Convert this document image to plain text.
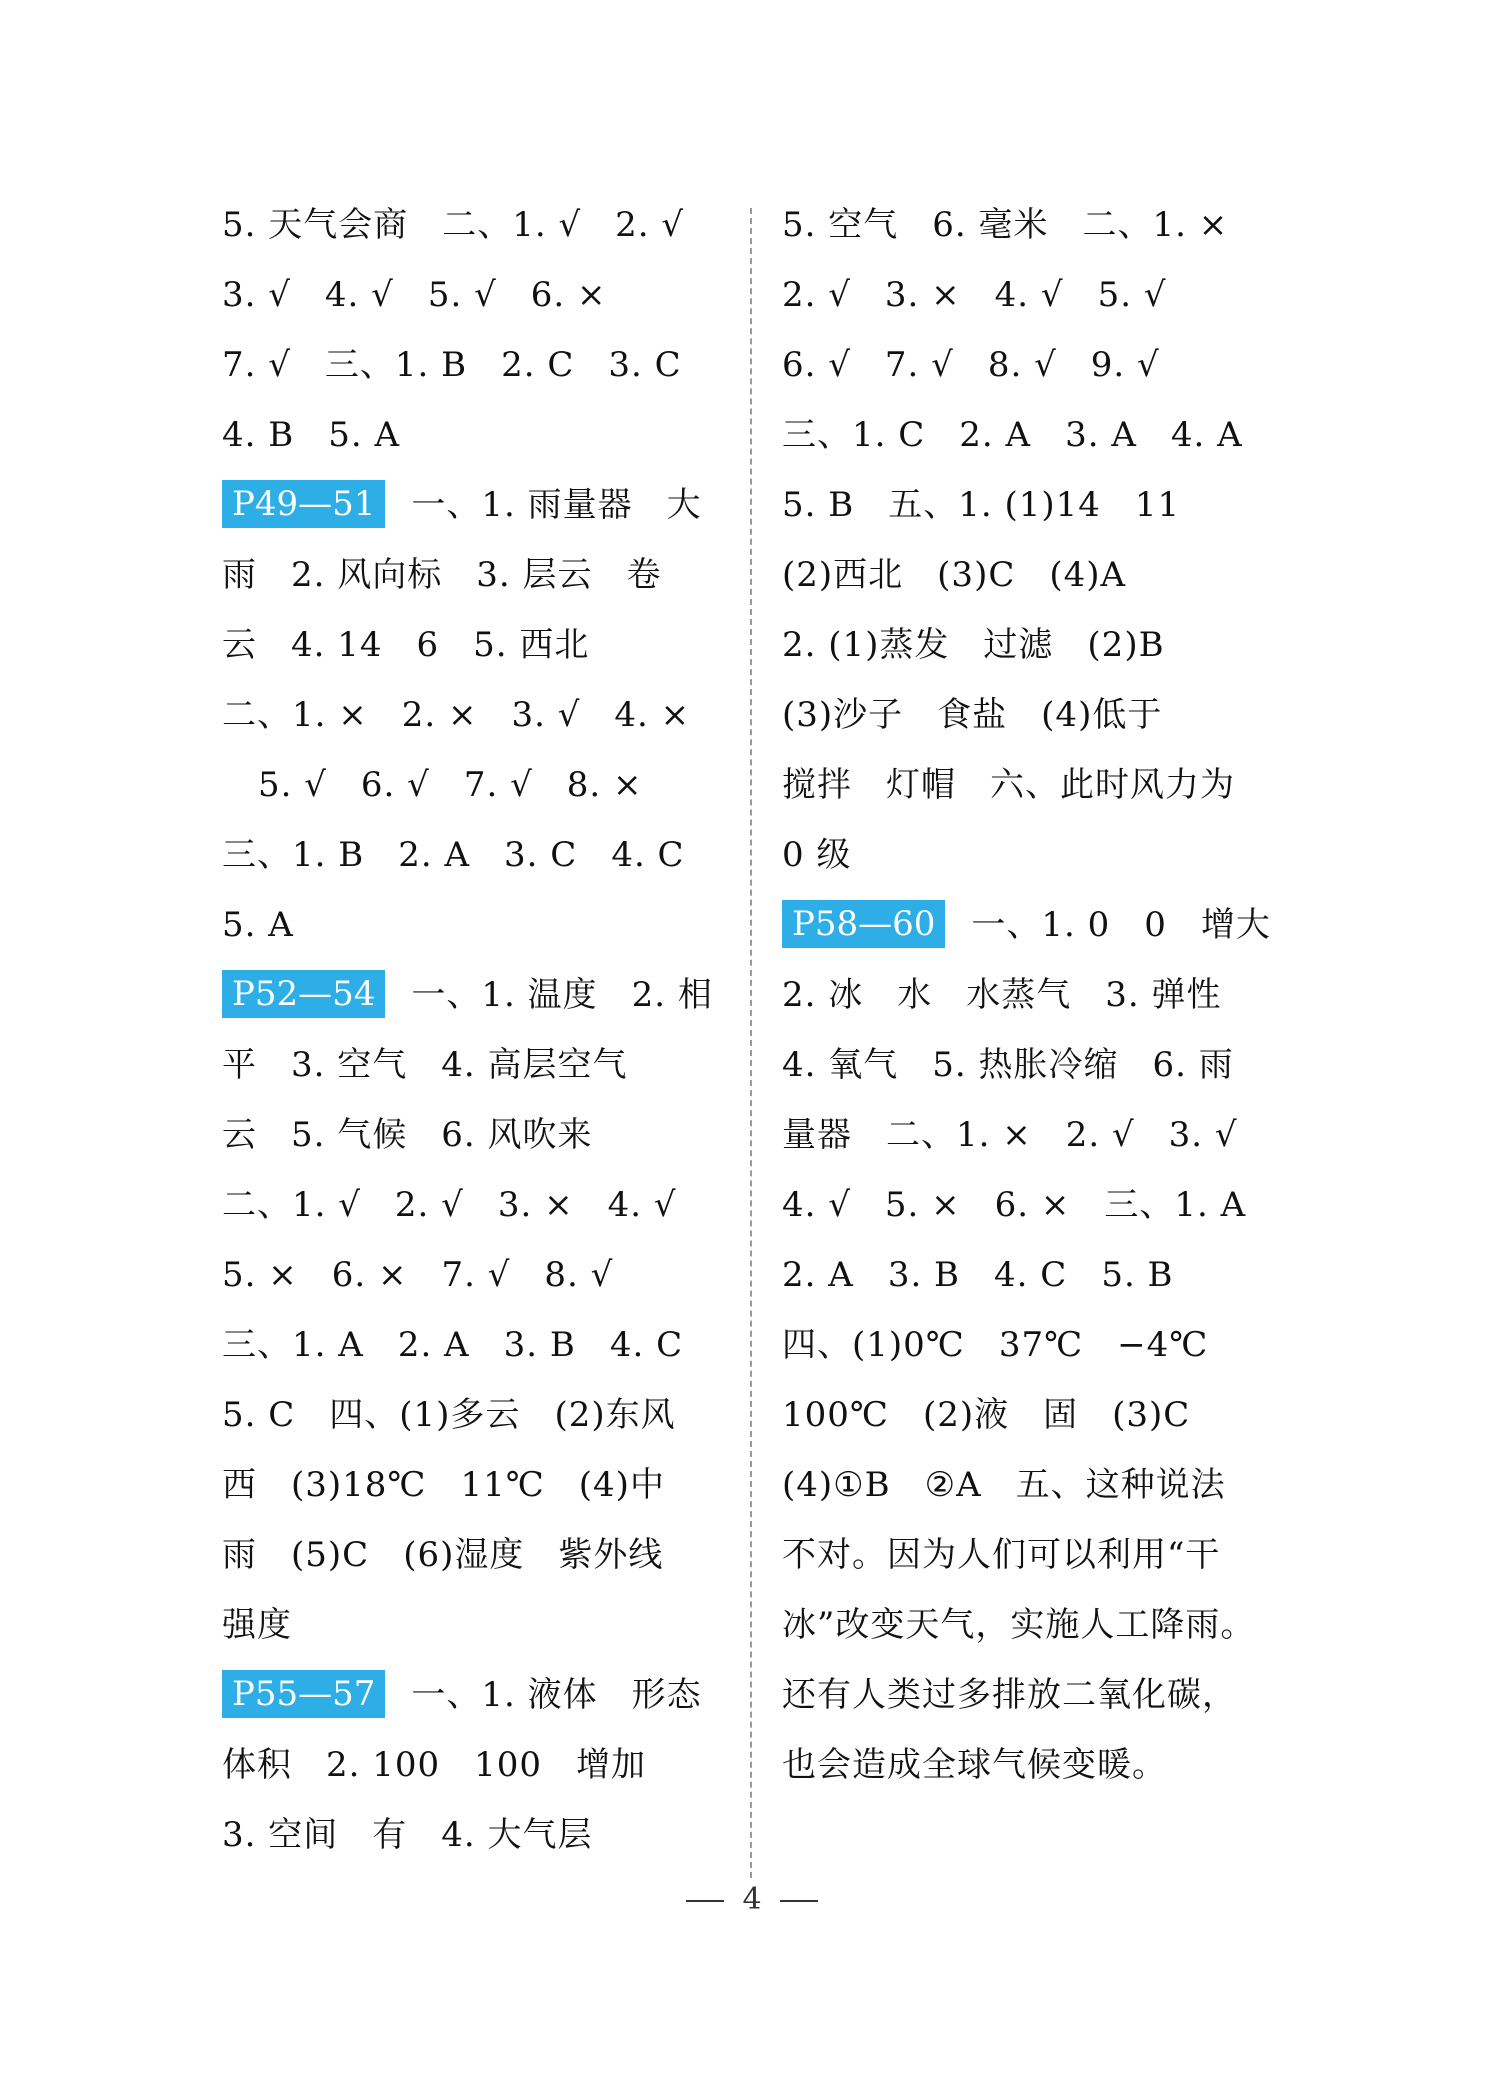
5. 天气会商 二、1. √ 2. √
3. √ 4. √ 5. √ 6. ×
7. √ 三、1. B 2. C 3. C
4. B 5. A
P49—51 一、1. 雨量器 大
雨 2. 风向标 3. 层云 卷
云 4. 14 6 5. 西北
二、1. × 2. × 3. √ 4. ×
5. √ 6. √ 7. √ 8. ×
三、1. B 2. A 3. C 4. C
5. A
P52—54 一、1. 温度 2. 相
平 3. 空气 4. 高层空气
云 5. 气候 6. 风吹来
二、1. √ 2. √ 3. × 4. √
5. × 6. × 7. √ 8. √
三、1. A 2. A 3. B 4. C
5. C 四、(1)多云 (2)东风
西 (3)18℃ 11℃ (4)中
雨 (5)C (6)湿度 紫外线
强度
P55—57 一、1. 液体 形态
体积 2. 100 100 增加
3. 空间 有 4. 大气层
5. 空气 6. 毫米 二、1. ×
2. √ 3. × 4. √ 5. √
6. √ 7. √ 8. √ 9. √
三、1. C 2. A 3. A 4. A
5. B 五、1. (1)14 11
(2)西北 (3)C (4)A
2. (1)蒸发 过滤 (2)B
(3)沙子 食盐 (4)低于
搅拌 灯帽 六、此时风力为
0 级
P58—60 一、1. 0 0 增大
2. 冰 水 水蒸气 3. 弹性
4. 氧气 5. 热胀冷缩 6. 雨
量器 二、1. × 2. √ 3. √
4. √ 5. × 6. × 三、1. A
2. A 3. B 4. C 5. B
四、(1)0℃ 37℃ −4℃
100℃ (2)液 固 (3)C
(4)①B ②A 五、这种说法
不对。因为人们可以利用“干
冰”改变天气，实施人工降雨。
还有人类过多排放二氧化碳，
也会造成全球气候变暖。
4
